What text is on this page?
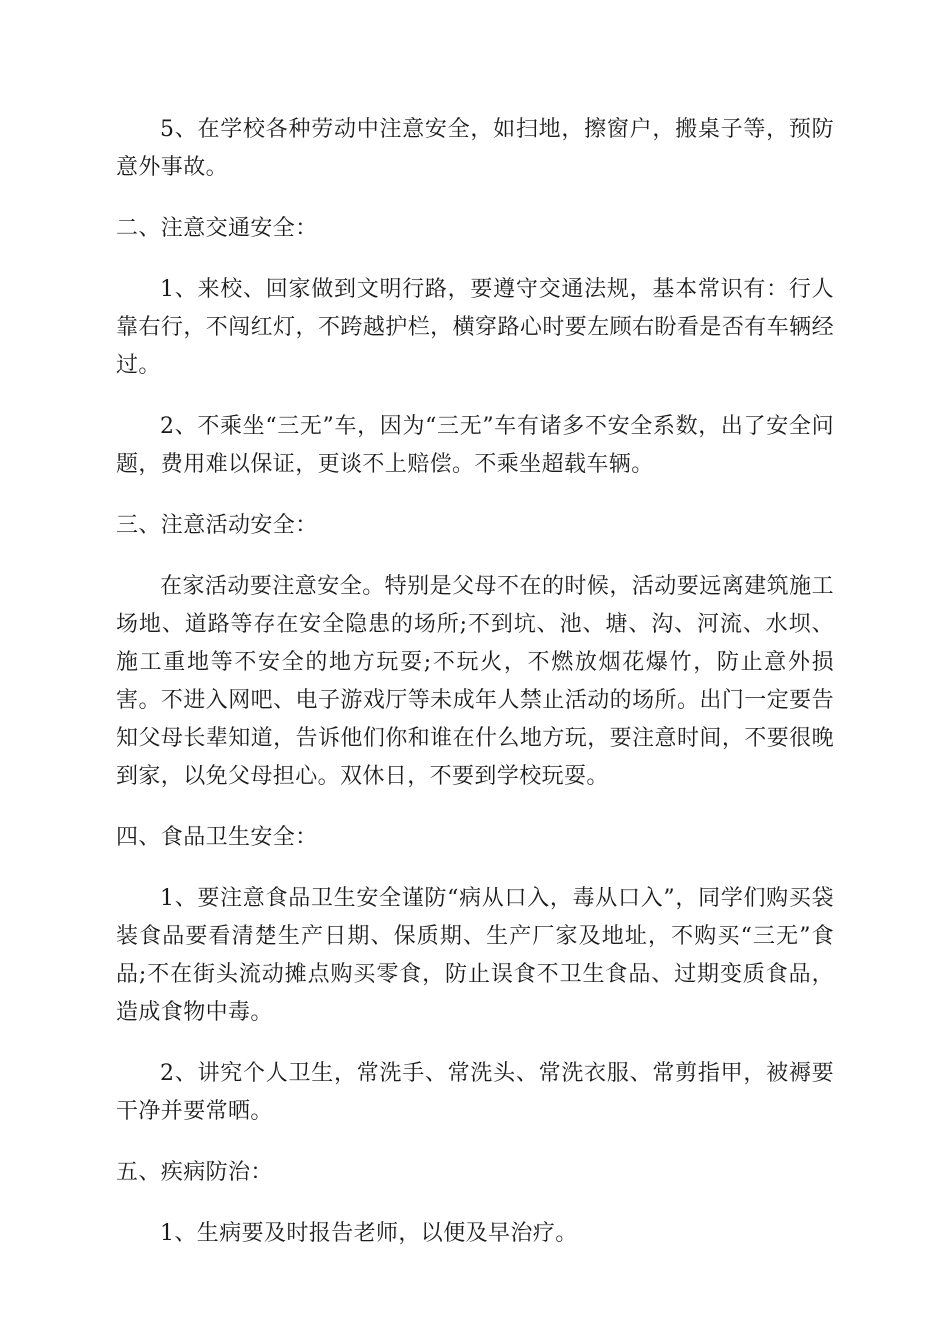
5、在学校各种劳动中注意安全，如扫地，擦窗户，搬桌子等，预防意外事故。

二、注意交通安全：

1、来校、回家做到文明行路，要遵守交通法规，基本常识有：行人靠右行，不闯红灯，不跨越护栏，横穿路心时要左顾右盼看是否有车辆经过。

2、不乘坐“三无”车，因为“三无”车有诸多不安全系数，出了安全问题，费用难以保证，更谈不上赔偿。不乘坐超载车辆。

三、注意活动安全：

在家活动要注意安全。特别是父母不在的时候，活动要远离建筑施工场地、道路等存在安全隐患的场所;不到坑、池、塘、沟、河流、水坝、施工重地等不安全的地方玩耍;不玩火，不燃放烟花爆竹，防止意外损害。不进入网吧、电子游戏厅等未成年人禁止活动的场所。出门一定要告知父母长辈知道，告诉他们你和谁在什么地方玩，要注意时间，不要很晚到家，以免父母担心。双休日，不要到学校玩耍。

四、食品卫生安全：

1、要注意食品卫生安全谨防“病从口入，毒从口入”，同学们购买袋装食品要看清楚生产日期、保质期、生产厂家及地址，不购买“三无”食品;不在街头流动摊点购买零食，防止误食不卫生食品、过期变质食品，造成食物中毒。

2、讲究个人卫生，常洗手、常洗头、常洗衣服、常剪指甲，被褥要干净并要常晒。

五、疾病防治：

1、生病要及时报告老师，以便及早治疗。
